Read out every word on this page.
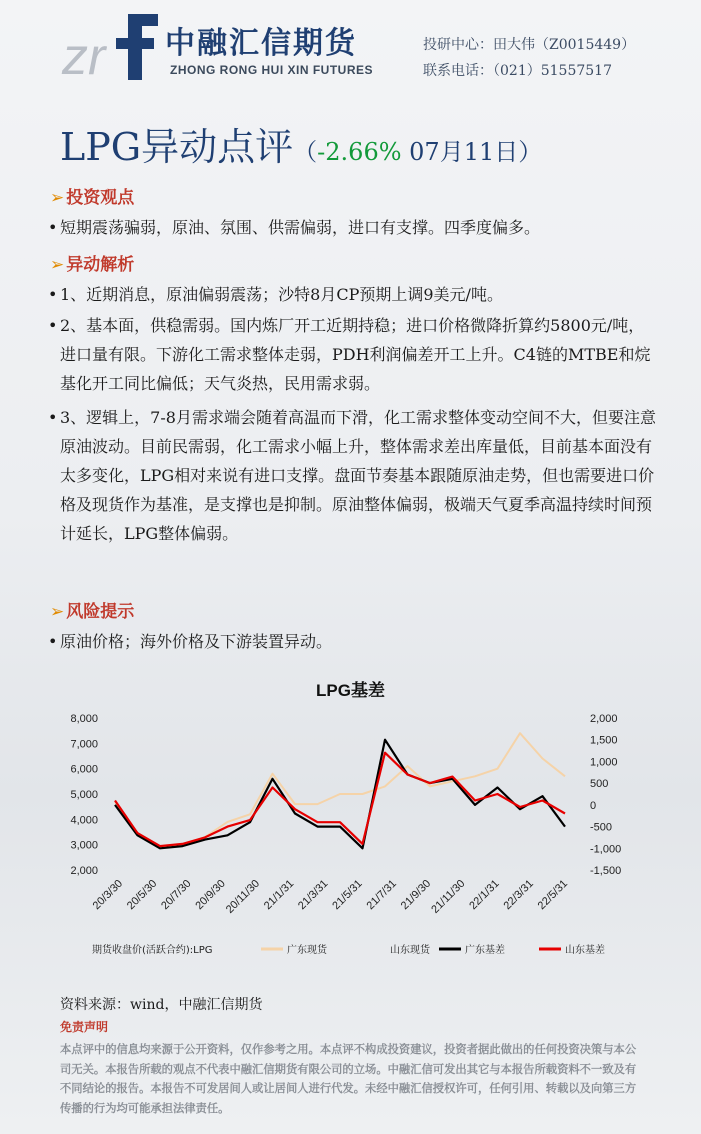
zr 中融汇信期货
ZHONG RONG HUI XIN FUTURES
投研中心：田大伟（Z0015449）
联系电话：（021）51557517
LPG异动点评（-2.66% 07月11日）
➢ 投资观点
• 短期震荡骗弱，原油、氛围、供需偏弱，进口有支撑。四季度偏多。
➢ 异动解析
• 1、近期消息，原油偏弱震荡；沙特8月CP预期上调9美元/吨。
• 2、基本面，供稳需弱。国内炼厂开工近期持稳；进口价格微降折算约5800元/吨，进口量有限。下游化工需求整体走弱，PDH利润偏差开工上升。C4链的MTBE和烷基化开工同比偏低；天气炎热，民用需求弱。
• 3、逻辑上，7-8月需求端会随着高温而下滑，化工需求整体变动空间不大，但要注意原油波动。目前民需弱，化工需求小幅上升，整体需求差出库量低，目前基本面没有太多变化，LPG相对来说有进口支撑。盘面节奏基本跟随原油走势，但也需要进口价格及现货作为基准，是支撑也是抑制。原油整体偏弱，极端天气夏季高温持续时间预计延长，LPG整体偏弱。
➢ 风险提示
• 原油价格；海外价格及下游装置异动。
LPG基差
8,000
7,000
6,000
5,000
4,000
3,000
2,000
2,000
1,500
1,000
500
0
-500
-1,000
-1,500
20/3/30 20/5/30 20/7/30 20/9/30
20/11/30 21/1/31 21/3/31 21/5/31 21/7/31 21/9/30
21/11/30 22/1/31 22/3/31 22/5/31
期货收盘价(活跃合约):LPG	广东现货	山东现货	广东基差	山东基差
资料来源：wind，中融汇信期货
免责声明
本点评中的信息均来源于公开资料，仅作参考之用。本点评不构成投资建议，投资者据此做出的任何投资决策与本公司无关。本报告所载的观点不代表中融汇信期货有限公司的立场。中融汇信可发出其它与本报告所载资料不一致及有不同结论的报告。本报告不可发居间人或让居间人进行代发。未经中融汇信授权许可，任何引用、转载以及向第三方传播的行为均可能承担法律责任。
